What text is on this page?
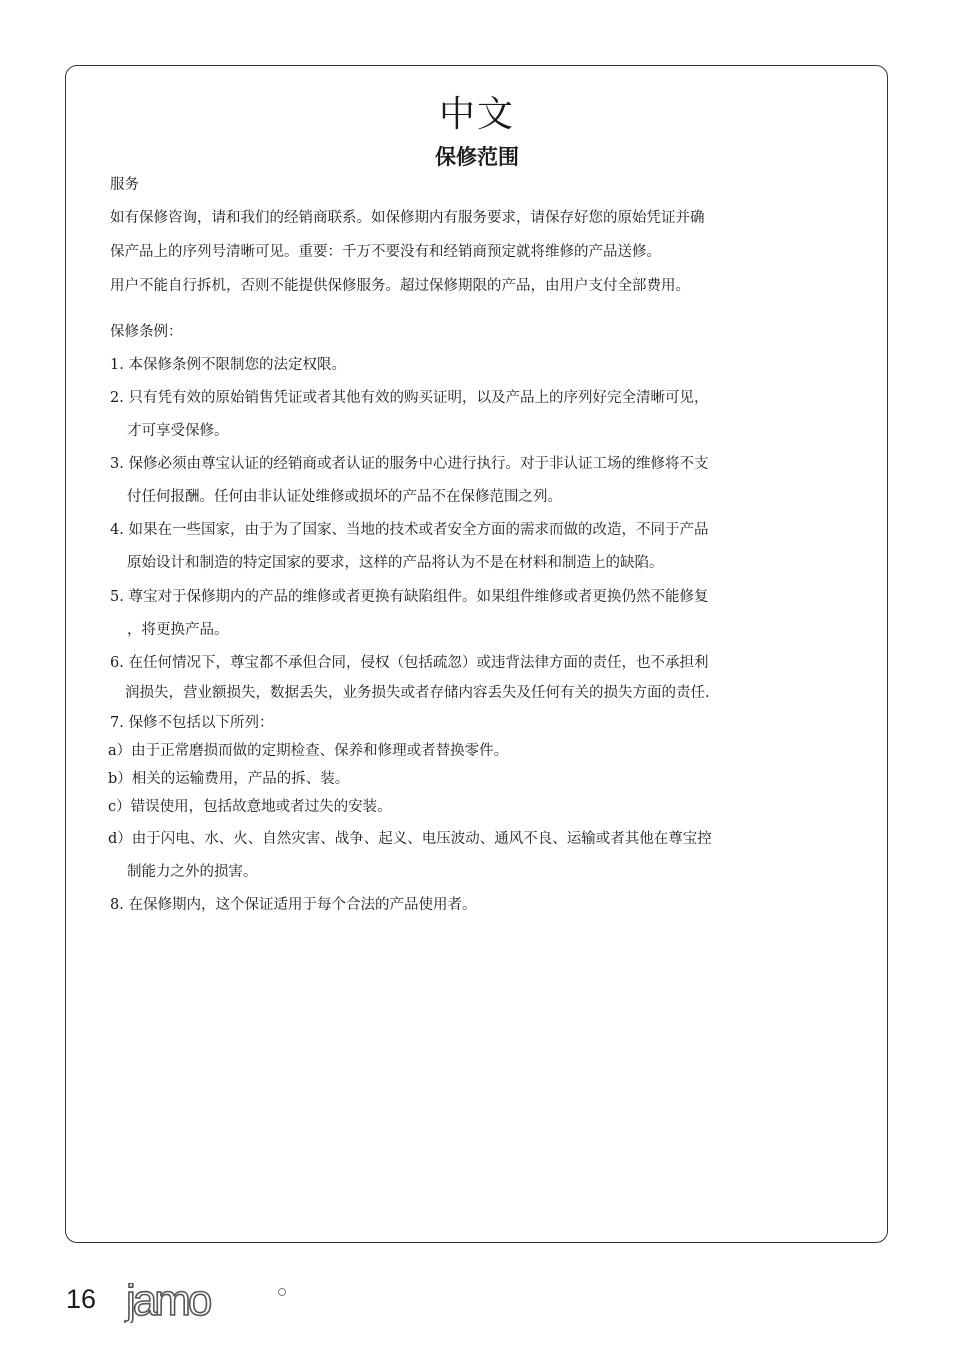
中文
保修范围
服务
如有保修咨询，请和我们的经销商联系。如保修期内有服务要求，请保存好您的原始凭证并确
保产品上的序列号清晰可见。重要：千万不要没有和经销商预定就将维修的产品送修。
用户不能自行拆机，否则不能提供保修服务。超过保修期限的产品，由用户支付全部费用。
保修条例：
1. 本保修条例不限制您的法定权限。
2. 只有凭有效的原始销售凭证或者其他有效的购买证明，以及产品上的序列好完全清晰可见，
才可享受保修。
3. 保修必须由尊宝认证的经销商或者认证的服务中心进行执行。对于非认证工场的维修将不支
付任何报酬。任何由非认证处维修或损坏的产品不在保修范围之列。
4. 如果在一些国家，由于为了国家、当地的技术或者安全方面的需求而做的改造，不同于产品
原始设计和制造的特定国家的要求，这样的产品将认为不是在材料和制造上的缺陷。
5. 尊宝对于保修期内的产品的维修或者更换有缺陷组件。如果组件维修或者更换仍然不能修复
，将更换产品。
6. 在任何情况下，尊宝都不承但合同，侵权（包括疏忽）或违背法律方面的责任，也不承担利
润损失，营业额损失，数据丢失，业务损失或者存储内容丢失及任何有关的损失方面的责任.
7. 保修不包括以下所列：
a）由于正常磨损而做的定期检查、保养和修理或者替换零件。
b）相关的运输费用，产品的拆、装。
c）错误使用，包括故意地或者过失的安装。
d）由于闪电、水、火、自然灾害、战争、起义、电压波动、通风不良、运输或者其他在尊宝控
制能力之外的损害。
8. 在保修期内，这个保证适用于每个合法的产品使用者。
16 jamo
